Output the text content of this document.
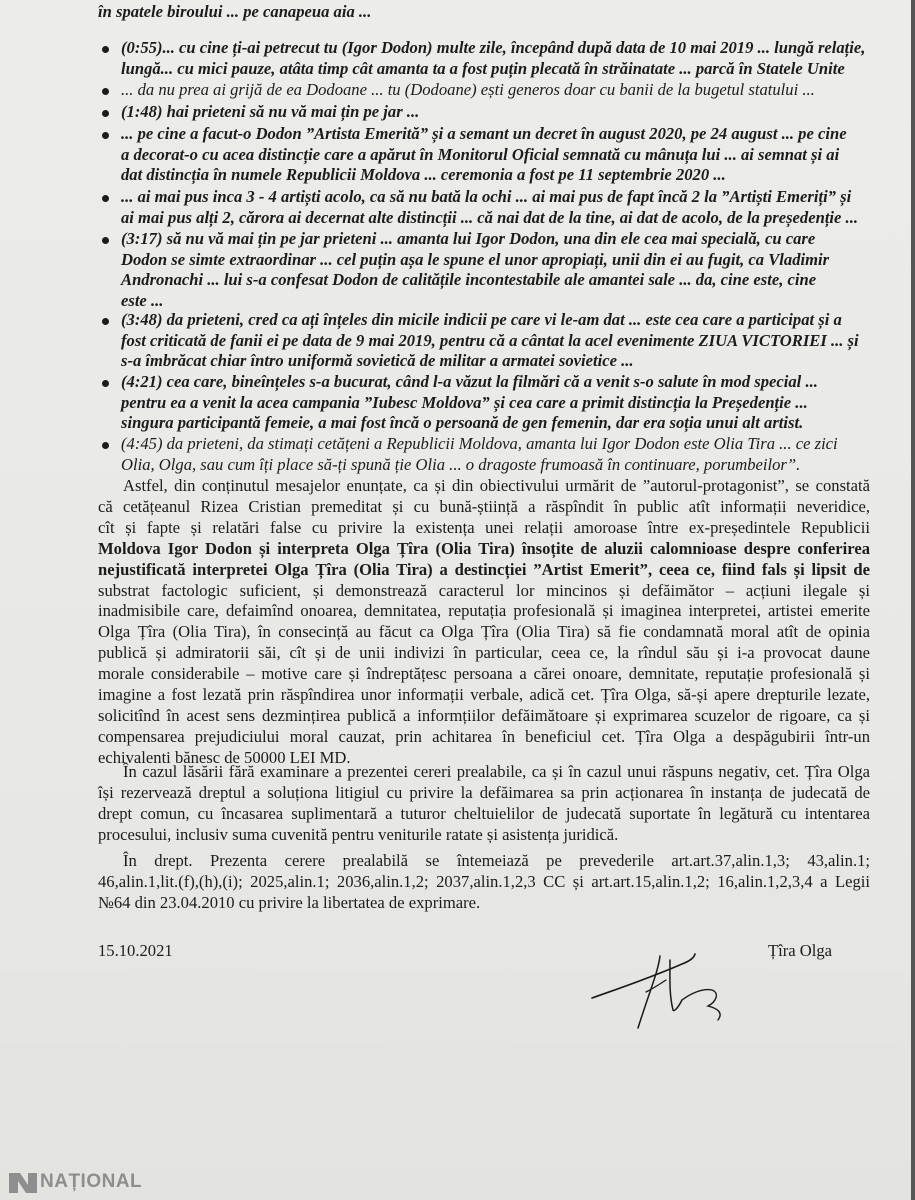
în spatele biroului ... pe canapeua aia ...
(0:55)... cu cine ți-ai petrecut tu (Igor Dodon) multe zile, începând după data de 10 mai 2019 ... lungă relație,
lungă... cu mici pauze, atâta timp cât amanta ta a fost puțin plecată în străinatate ... parcă în Statele Unite
... da nu prea ai grijă de ea Dodoane ... tu (Dodoane) ești generos doar cu banii de la bugetul statului ...
(1:48) hai prieteni să nu vă mai țin pe jar ...
... pe cine a facut-o Dodon ”Artista Emerită” și a semant un decret în august 2020, pe 24 august ... pe cine
a decorat-o cu acea distincție care a apărut în Monitorul Oficial semnată cu mânuța lui ... ai semnat și ai
dat distincția în numele Republicii Moldova ... ceremonia a fost pe 11 septembrie 2020 ...
... ai mai pus inca 3 - 4 artiști acolo, ca să nu bată la ochi ... ai mai pus de fapt încă 2 la ”Artiști Emeriți” și
ai mai pus alți 2, cărora ai decernat alte distincții ... că nai dat de la tine, ai dat de acolo, de la președenție ...
(3:17) să nu vă mai țin pe jar prieteni ... amanta lui Igor Dodon, una din ele cea mai specială, cu care
Dodon se simte extraordinar ... cel puțin așa le spune el unor apropiați, unii din ei au fugit, ca Vladimir
Andronachi ... lui s-a confesat Dodon de calitățile incontestabile ale amantei sale ... da, cine este, cine
este ...
(3:48) da prieteni, cred ca ați înțeles din micile indicii pe care vi le-am dat ... este cea care a participat și a
fost criticată de fanii ei pe data de 9 mai 2019, pentru că a cântat la acel evenimente ZIUA VICTORIEI ... și
s-a îmbrăcat chiar întro uniformă sovietică de militar a armatei sovietice ...
(4:21) cea care, bineînțeles s-a bucurat, când l-a văzut la filmări că a venit s-o salute în mod special ...
pentru ea a venit la acea campania ”Iubesc Moldova” și cea care a primit distincția la Președenție ...
singura participantă femeie, a mai fost încă o persoană de gen femenin, dar era soția unui alt artist.
(4:45) da prieteni, da stimați cetățeni a Republicii Moldova, amanta lui Igor Dodon este Olia Tira ... ce zici
Olia, Olga, sau cum îți place să-ți spună ție Olia ... o dragoste frumoasă în continuare, porumbeilor”.
Astfel, din conținutul mesajelor enunțate, ca și din obiectivului urmărit de ”autorul-protagonist”, se constată
că cetățeanul Rizea Cristian premeditat și cu bună-știință a răspîndit în public atît informații neveridice,
cît și fapte și relatări false cu privire la existența unei relații amoroase între ex-președintele Republicii
Moldova Igor Dodon și interpreta Olga Țîra (Olia Tira) însoțite de aluzii calomnioase despre conferirea
nejustificată interpretei Olga Țîra (Olia Tira) a destincției ”Artist Emerit”, ceea ce, fiind fals și lipsit de
substrat factologic suficient, și demonstrează caracterul lor mincinos și defăimător – acțiuni ilegale și
inadmisibile care, defaimînd onoarea, demnitatea, reputația profesională și imaginea interpretei, artistei emerite
Olga Țîra (Olia Tira), în consecință au făcut ca Olga Țîra (Olia Tira) să fie condamnată moral atît de opinia
publică și admiratorii săi, cît și de unii indivizi în particular, ceea ce, la rîndul său și i-a provocat daune
morale considerabile – motive care și îndreptățesc persoana a cărei onoare, demnitate, reputație profesională și
imagine a fost lezată prin răspîndirea unor informații verbale, adică cet. Țîra Olga, să-și apere drepturile lezate,
solicitînd în acest sens dezmințirea publică a informțiilor defăimătoare și exprimarea scuzelor de rigoare, ca și
compensarea prejudiciului moral cauzat, prin achitarea în beneficiul cet. Țîra Olga a despăgubirii într-un
echivalenti bănesc de 50000 LEI MD.
În cazul lăsării fără examinare a prezentei cereri prealabile, ca și în cazul unui răspuns negativ, cet. Țîra Olga
își rezervează dreptul a soluționa litigiul cu privire la defăimarea sa prin acționarea în instanța de judecată de
drept comun, cu încasarea suplimentară a tuturor cheltuielilor de judecată suportate în legătură cu intentarea
procesului, inclusiv suma cuvenită pentru veniturile ratate și asistența juridică.
În drept. Prezenta cerere prealabilă se întemeiază pe prevederile art.art.37,alin.1,3; 43,alin.1;
46,alin.1,lit.(f),(h),(i); 2025,alin.1; 2036,alin.1,2; 2037,alin.1,2,3 CC și art.art.15,alin.1,2; 16,alin.1,2,3,4 a Legii
№64 din 23.04.2010 cu privire la libertatea de exprimare.
15.10.2021	Țîra Olga
NAȚIONAL
